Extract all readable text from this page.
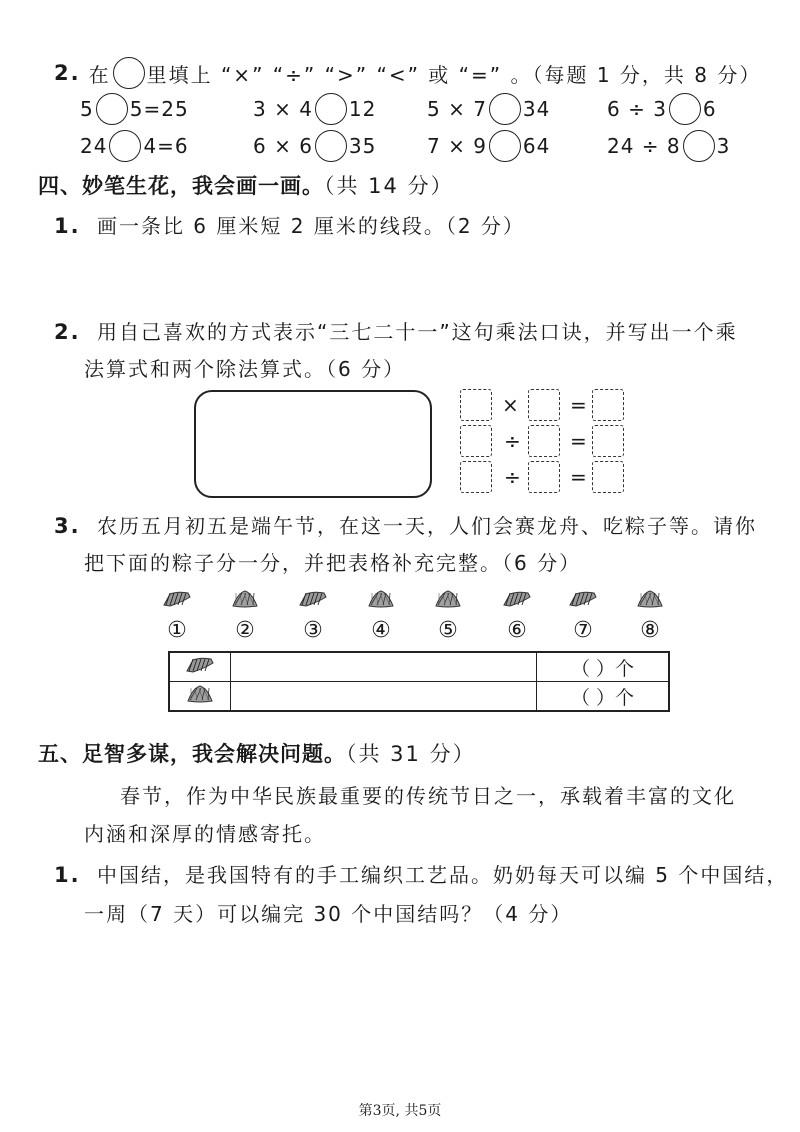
2. 在 里填上 “×” “÷” “>” “<” 或 “=” 。（每题 1 分，共 8 分）
5 5=25	3 × 4 12	5 × 7 34	6 ÷ 3 6
24 4=6	6 × 6 35	7 × 9 64	24 ÷ 8 3
四、妙笔生花，我会画一画。（共 14 分）
1. 画一条比 6 厘米短 2 厘米的线段。（2 分）
2. 用自己喜欢的方式表示“三七二十一”这句乘法口诀，并写出一个乘
法算式和两个除法算式。（6 分）
×	=
÷ =
÷ =
3. 农历五月初五是端午节，在这一天，人们会赛龙舟、吃粽子等。请你
把下面的粽子分一分，并把表格补充完整。（6 分）
①	②	③	④	⑤	⑥	⑦	⑧
		（ ）个
		（ ）个
五、足智多谋，我会解决问题。（共 31 分）
春节，作为中华民族最重要的传统节日之一，承载着丰富的文化
内涵和深厚的情感寄托。
1. 中国结，是我国特有的手工编织工艺品。奶奶每天可以编 5 个中国结，
一周（7 天）可以编完 30 个中国结吗？（4 分）
第3页, 共5页
